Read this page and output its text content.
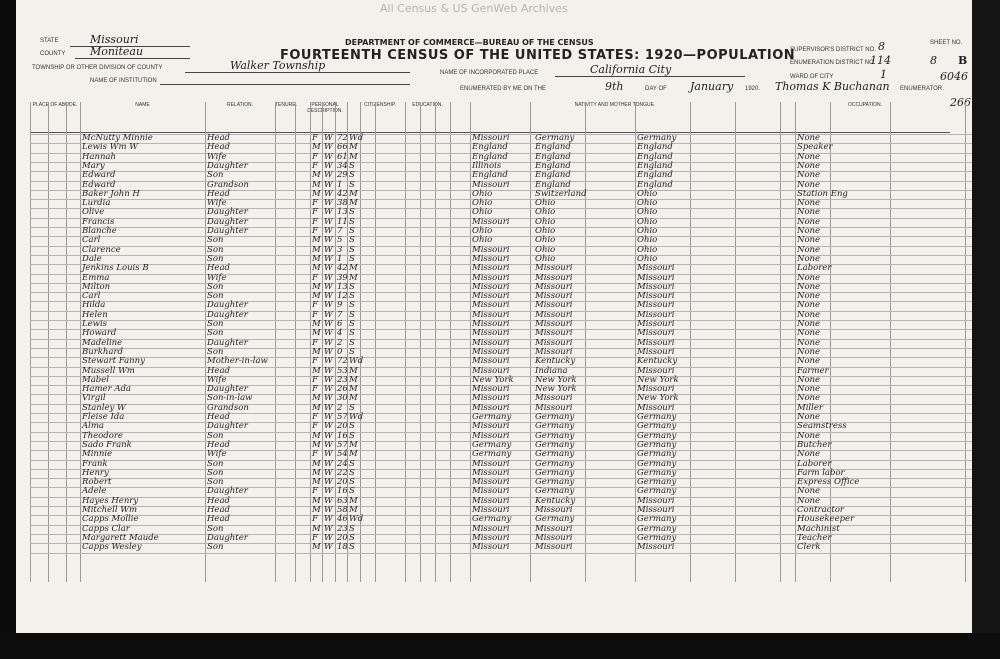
All Census & US GenWeb Archives
STATE	Missouri
COUNTY Moniteau
TOWNSHIP OR OTHER DIVISION OF COUNTY	Walker Township
NAME OF INSTITUTION
DEPARTMENT OF COMMERCE—BUREAU OF THE CENSUS
FOURTEENTH CENSUS OF THE UNITED STATES: 1920—POPULATION
NAME OF INCORPORATED PLACE	California City
ENUMERATED BY ME ON THE	9th	DAY OF January 1920. Thomas K Buchanan ENUMERATOR.
SUPERVISOR'S DISTRICT NO. 8
ENUMERATION DISTRICT NO.
114
SHEET NO.
8 B
WARD OF CITY	1	6046
266
PLACE OF ABODE.	NAME	RELATION.	TENURE.	PERSONAL DESCRIPTION.
CITIZENSHIP.	EDUCATION.	NATIVITY AND MOTHER TONGUE.	OCCUPATION.
McNutty Minnie	Head	F W 72 Wd	Missouri	Germany	Germany	None
Lewis Wm W	Head	M W 66 M	England	England	England	Speaker
Hannah	Wife	F W 61 M	England	England	England	None
Mary	Daughter	F W 34 S	Illinois	England	England	None
Edward	Son	M W 29 S	England	England	England	None
Edward	Grandson	M W 1 S	Missouri	England	England	None
Baker John H	Head	M W 42 M	Ohio	Switzerland	Ohio	Station Eng
Lurdia	Wife	F W 38 M	Ohio	Ohio	Ohio	None
Olive	Daughter	F W 13 S	Ohio	Ohio	Ohio	None
Francis	Daughter	F W 11 S	Missouri	Ohio	Ohio	None
Blanche	Daughter	F W 7 S	Ohio	Ohio	Ohio	None
Carl	Son	M W 5 S	Ohio	Ohio	Ohio	None
Clarence	Son	M W 3 S	Missouri	Ohio	Ohio	None
Dale	Son	M W 1 S	Missouri	Ohio	Ohio	None
Jenkins Louis B	Head	M W 42 M	Missouri	Missouri	Missouri	Laborer
Emma	Wife	F W 39 M	Missouri	Missouri	Missouri	None
Milton	Son	M W 13 S	Missouri	Missouri	Missouri	None
Carl	Son	M W 12 S	Missouri	Missouri	Missouri	None
Hilda	Daughter	F W 9 S	Missouri	Missouri	Missouri	None
Helen	Daughter	F W 7 S	Missouri	Missouri	Missouri	None
Lewis	Son	M W 6 S	Missouri	Missouri	Missouri	None
Howard	Son	M W 4 S	Missouri	Missouri	Missouri	None
Madeline	Daughter	F W 2 S	Missouri	Missouri	Missouri	None
Burkhard	Son	M W 0 S	Missouri	Missouri	Missouri	None
Stewart Fanny	Mother-in-law	F W 72 Wd	Missouri	Kentucky	Kentucky	None
Mussell Wm	Head	M W 53 M	Missouri	Indiana	Missouri	Farmer
Mabel	Wife	F W 23 M	New York	New York	New York	None
Hamer Ada	Daughter	F W 26 M	Missouri	New York	Missouri	None
Virgil	Son-in-law	M W 30 M	Missouri	Missouri	New York	None
Stanley W	Grandson	M W 2 S	Missouri	Missouri	Missouri	Miller
Fleise Ida	Head	F W 57 Wd	Germany	Germany	Germany	None
Alma	Daughter	F W 20 S	Missouri	Germany	Germany	Seamstress
Theodore	Son	M W 16 S	Missouri	Germany	Germany	None
Sado Frank	Head	M W 57 M	Germany	Germany	Germany	Butcher
Minnie	Wife	F W 54 M	Germany	Germany	Germany	None
Frank	Son	M W 24 S	Missouri	Germany	Germany	Laborer
Henry	Son	M W 22 S	Missouri	Germany	Germany	Farm labor
Robert	Son	M W 20 S	Missouri	Germany	Germany	Express Office
Adele	Daughter	F W 16 S	Missouri	Germany	Germany	None
Hayes Henry	Head	M W 63 M	Missouri	Kentucky	Missouri	None
Mitchell Wm	Head	M W 58 M	Missouri	Missouri	Missouri	Contractor
Capps Mollie	Head	F W 46 Wd	Germany	Germany	Germany	Housekeeper
Capps Clar	Son	M W 23 S	Missouri	Missouri	Germany	Machinist
Margarett Maude	Daughter	F W 20 S	Missouri	Missouri	Germany	Teacher
Capps Wesley	Son	M W 18 S	Missouri	Missouri	Missouri	Clerk
